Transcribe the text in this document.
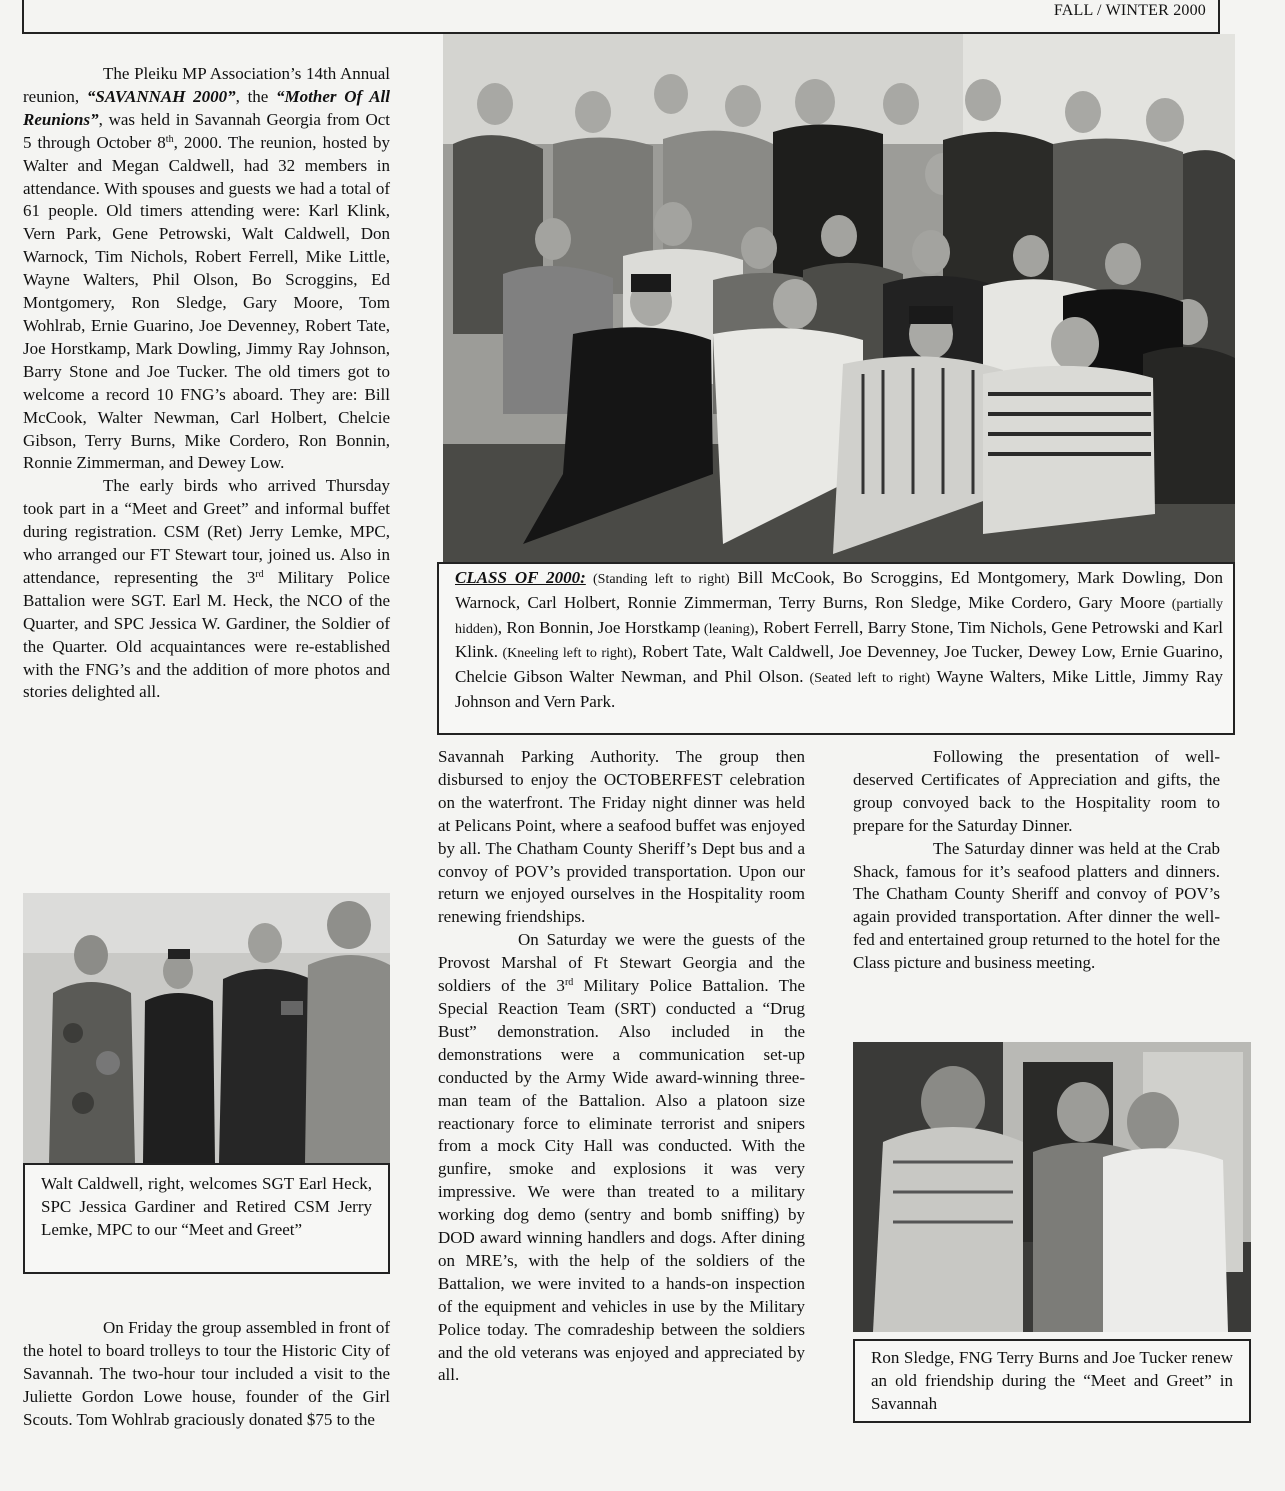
FALL / WINTER 2000

The Pleiku MP Association’s 14th Annual reunion, “SAVANNAH 2000”, the “Mother Of All Reunions”, was held in Savannah Georgia from Oct 5 through October 8th, 2000. The reunion, hosted by Walter and Megan Caldwell, had 32 members in attendance. With spouses and guests we had a total of 61 people. Old timers attending were: Karl Klink, Vern Park, Gene Petrowski, Walt Caldwell, Don Warnock, Tim Nichols, Robert Ferrell, Mike Little, Wayne Walters, Phil Olson, Bo Scroggins, Ed Montgomery, Ron Sledge, Gary Moore, Tom Wohlrab, Ernie Guarino, Joe Devenney, Robert Tate, Joe Horstkamp, Mark Dowling, Jimmy Ray Johnson, Barry Stone and Joe Tucker. The old timers got to welcome a record 10 FNG’s aboard. They are: Bill McCook, Walter Newman, Carl Holbert, Chelcie Gibson, Terry Burns, Mike Cordero, Ron Bonnin, Ronnie Zimmerman, and Dewey Low.

The early birds who arrived Thursday took part in a “Meet and Greet” and informal buffet during registration. CSM (Ret) Jerry Lemke, MPC, who arranged our FT Stewart tour, joined us. Also in attendance, representing the 3rd Military Police Battalion were SGT. Earl M. Heck, the NCO of the Quarter, and SPC Jessica W. Gardiner, the Soldier of the Quarter. Old acquaintances were re-established with the FNG’s and the addition of more photos and stories delighted all.

Walt Caldwell, right, welcomes SGT Earl Heck, SPC Jessica Gardiner and Retired CSM Jerry Lemke, MPC to our “Meet and Greet”

On Friday the group assembled in front of the hotel to board trolleys to tour the Historic City of Savannah. The two-hour tour included a visit to the Juliette Gordon Lowe house, founder of the Girl Scouts. Tom Wohlrab graciously donated $75 to the

CLASS OF 2000: (Standing left to right) Bill McCook, Bo Scroggins, Ed Montgomery, Mark Dowling, Don Warnock, Carl Holbert, Ronnie Zimmerman, Terry Burns, Ron Sledge, Mike Cordero, Gary Moore (partially hidden), Ron Bonnin, Joe Horstkamp (leaning), Robert Ferrell, Barry Stone, Tim Nichols, Gene Petrowski and Karl Klink. (Kneeling left to right), Robert Tate, Walt Caldwell, Joe Devenney, Joe Tucker, Dewey Low, Ernie Guarino, Chelcie Gibson Walter Newman, and Phil Olson. (Seated left to right) Wayne Walters, Mike Little, Jimmy Ray Johnson and Vern Park.

Savannah Parking Authority. The group then disbursed to enjoy the OCTOBERFEST celebration on the waterfront. The Friday night dinner was held at Pelicans Point, where a seafood buffet was enjoyed by all. The Chatham County Sheriff’s Dept bus and a convoy of POV’s provided transportation. Upon our return we enjoyed ourselves in the Hospitality room renewing friendships.

On Saturday we were the guests of the Provost Marshal of Ft Stewart Georgia and the soldiers of the 3rd Military Police Battalion. The Special Reaction Team (SRT) conducted a “Drug Bust” demonstration. Also included in the demonstrations were a communication set-up conducted by the Army Wide award-winning three-man team of the Battalion. Also a platoon size reactionary force to eliminate terrorist and snipers from a mock City Hall was conducted. With the gunfire, smoke and explosions it was very impressive. We were than treated to a military working dog demo (sentry and bomb sniffing) by DOD award winning handlers and dogs. After dining on MRE’s, with the help of the soldiers of the Battalion, we were invited to a hands-on inspection of the equipment and vehicles in use by the Military Police today. The comradeship between the soldiers and the old veterans was enjoyed and appreciated by all.

Following the presentation of well-deserved Certificates of Appreciation and gifts, the group convoyed back to the Hospitality room to prepare for the Saturday Dinner.

The Saturday dinner was held at the Crab Shack, famous for it’s seafood platters and dinners. The Chatham County Sheriff and convoy of POV’s again provided transportation. After dinner the well-fed and entertained group returned to the hotel for the Class picture and business meeting.

Ron Sledge, FNG Terry Burns and Joe Tucker renew an old friendship during the “Meet and Greet” in Savannah
